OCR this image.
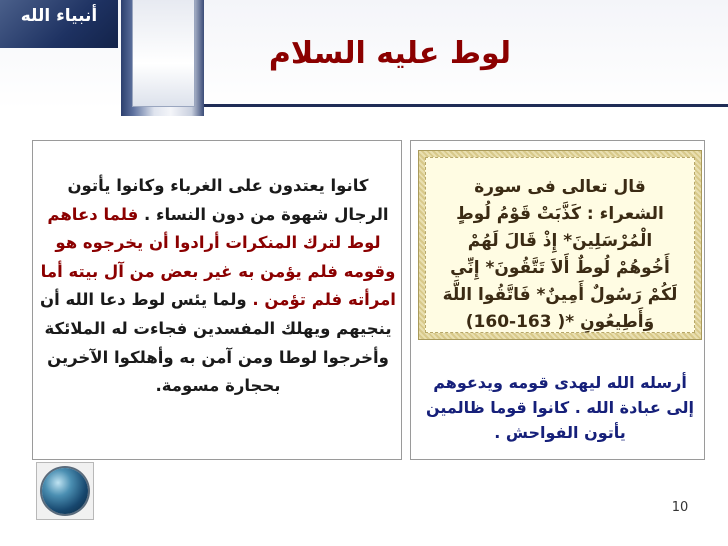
أنبياء الله
لوط عليه السلام

كانوا يعتدون على الغرباء وكانوا يأتون الرجال شهوة من دون النساء . فلما دعاهم لوط لترك المنكرات أرادوا أن يخرجوه هو وقومه فلم يؤمن به غير بعض من آل بيته أما امرأته فلم تؤمن . ولما يئس لوط دعا الله أن ينجيهم ويهلك المفسدين فجاءت له الملائكة وأخرجوا لوطا ومن آمن به وأهلكوا الآخرين بحجارة مسومة.

قال تعالى فى سورة الشعراء : كَذَّبَتْ قَوْمُ لُوطٍ الْمُرْسَلِينَ* إِذْ قَالَ لَهُمْ أَخُوهُمْ لُوطٌ أَلاَ تَتَّقُونَ* إِنِّي لَكُمْ رَسُولٌ أَمِينٌ* فَاتَّقُوا اللَّهَ وَأَطِيعُونِ *(160-163 )

أرسله الله ليهدى قومه ويدعوهم إلى عبادة الله . كانوا قوما ظالمين يأتون الفواحش .

10
